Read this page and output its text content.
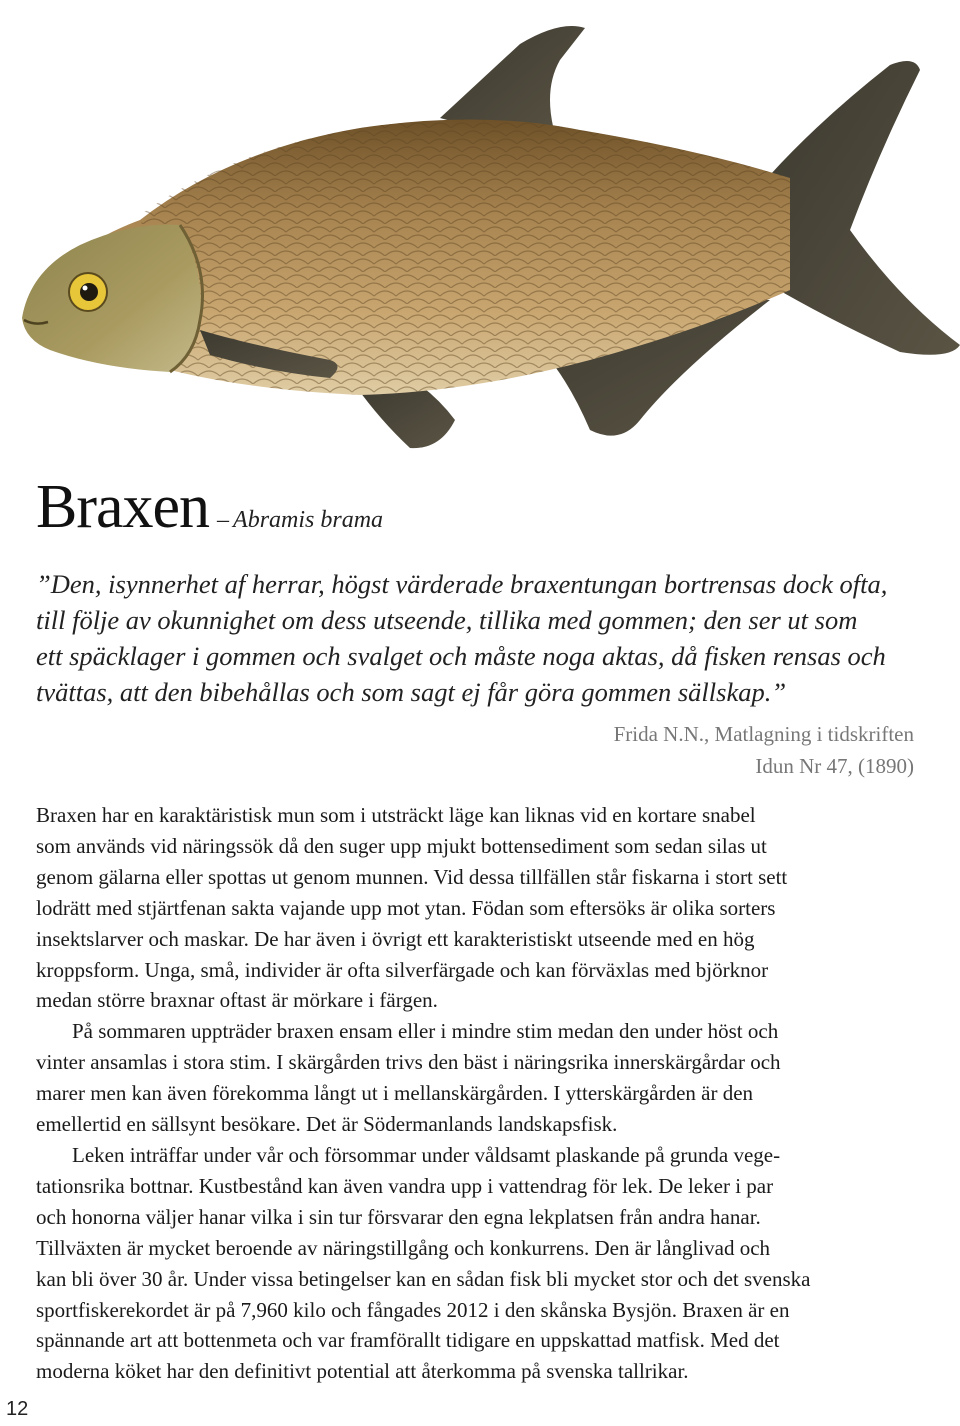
Braxen – Abramis brama
”Den, isynnerhet af herrar, högst värderade braxentungan bortrensas dock ofta,
till följe av okunnighet om dess utseende, tillika med gommen; den ser ut som
ett späcklager i gommen och svalget och måste noga aktas, då fisken rensas och
tvättas, att den bibehållas och som sagt ej får göra gommen sällskap.”
Frida N.N., Matlagning i tidskriften
Idun Nr 47, (1890)
Braxen har en karaktäristisk mun som i utsträckt läge kan liknas vid en kortare snabel
som används vid näringssök då den suger upp mjukt bottensediment som sedan silas ut
genom gälarna eller spottas ut genom munnen. Vid dessa tillfällen står fiskarna i stort sett
lodrätt med stjärtfenan sakta vajande upp mot ytan. Födan som eftersöks är olika sorters
insektslarver och maskar. De har även i övrigt ett karakteristiskt utseende med en hög
kroppsform. Unga, små, individer är ofta silverfärgade och kan förväxlas med björknor
medan större braxnar oftast är mörkare i färgen.
På sommaren uppträder braxen ensam eller i mindre stim medan den under höst och
vinter ansamlas i stora stim. I skärgården trivs den bäst i näringsrika innerskärgårdar och
marer men kan även förekomma långt ut i mellanskärgården. I ytterskärgården är den
emellertid en sällsynt besökare. Det är Södermanlands landskapsfisk.
Leken inträffar under vår och försommar under våldsamt plaskande på grunda vege-
tationsrika bottnar. Kustbestånd kan även vandra upp i vattendrag för lek. De leker i par
och honorna väljer hanar vilka i sin tur försvarar den egna lekplatsen från andra hanar.
Tillväxten är mycket beroende av näringstillgång och konkurrens. Den är långlivad och
kan bli över 30 år. Under vissa betingelser kan en sådan fisk bli mycket stor och det svenska
sportfiskerekordet är på 7,960 kilo och fångades 2012 i den skånska Bysjön. Braxen är en
spännande art att bottenmeta och var framförallt tidigare en uppskattad matfisk. Med det
moderna köket har den definitivt potential att återkomma på svenska tallrikar.
12
